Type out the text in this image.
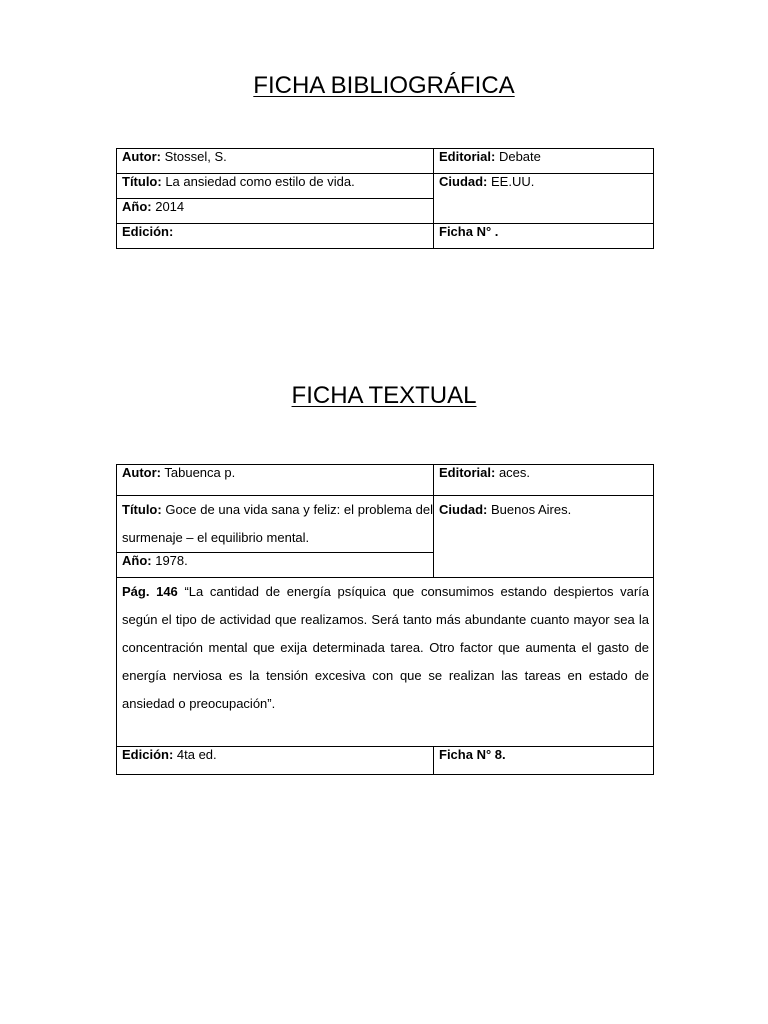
FICHA BIBLIOGRÁFICA
Autor: Stossel, S.	Editorial: Debate
Título: La ansiedad como estilo de vida.	Ciudad: EE.UU.
Año: 2014	
Edición:	Ficha N° .
FICHA TEXTUAL
Autor: Tabuenca p.	Editorial: aces.
Título: Goce de una vida sana y feliz: el problema del surmenaje – el equilibrio mental.	Ciudad: Buenos Aires.
Año: 1978.	
Pág. 146 “La cantidad de energía psíquica que consumimos estando despiertos varía según el tipo de actividad que realizamos. Será tanto más abundante cuanto mayor sea la concentración mental que exija determinada tarea. Otro factor que aumenta el gasto de energía nerviosa es la tensión excesiva con que se realizan las tareas en estado de ansiedad o preocupación”.	
Edición: 4ta ed.	Ficha N° 8.
